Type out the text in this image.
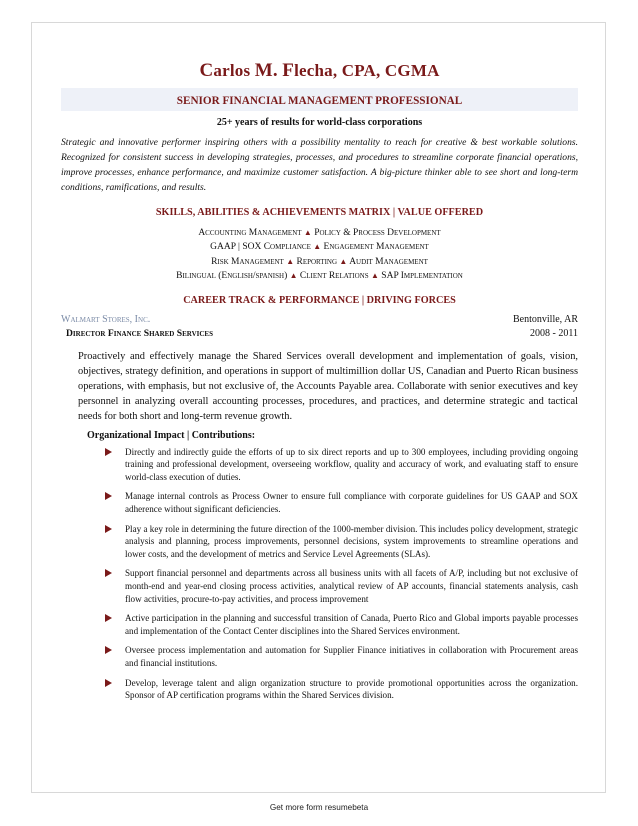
Carlos M. Flecha, CPA, CGMA
SENIOR FINANCIAL MANAGEMENT PROFESSIONAL
25+ years of results for world-class corporations
Strategic and innovative performer inspiring others with a possibility mentality to reach for creative & best workable solutions. Recognized for consistent success in developing strategies, processes, and procedures to streamline corporate financial operations, improve processes, enhance performance, and maximize customer satisfaction. A big-picture thinker able to see short and long-term conditions, ramifications, and results.
SKILLS, ABILITIES & ACHIEVEMENTS MATRIX | VALUE OFFERED
Accounting Management ▲ Policy & Process Development
GAAP | SOX Compliance ▲ Engagement Management
Risk Management ▲ Reporting ▲ Audit Management
Bilingual (English/spanish) ▲ Client Relations ▲ SAP Implementation
CAREER TRACK & PERFORMANCE | DRIVING FORCES
Walmart Stores, Inc.	Bentonville, AR
Director Finance Shared Services	2008 - 2011
Proactively and effectively manage the Shared Services overall development and implementation of goals, vision, objectives, strategy definition, and operations in support of multimillion dollar US, Canadian and Puerto Rican business operations, with emphasis, but not exclusive of, the Accounts Payable area. Collaborate with senior executives and key personnel in analyzing overall accounting processes, procedures, and practices, and determine strategic and tactical needs for both short and long-term revenue growth.
Organizational Impact | Contributions:
Directly and indirectly guide the efforts of up to six direct reports and up to 300 employees, including providing ongoing training and professional development, overseeing workflow, quality and accuracy of work, and evaluating staff to ensure world-class execution of duties.
Manage internal controls as Process Owner to ensure full compliance with corporate guidelines for US GAAP and SOX adherence without significant deficiencies.
Play a key role in determining the future direction of the 1000-member division. This includes policy development, strategic analysis and planning, process improvements, personnel decisions, system improvements to streamline operations and lower costs, and the development of metrics and Service Level Agreements (SLAs).
Support financial personnel and departments across all business units with all facets of A/P, including but not exclusive of month-end and year-end closing process activities, analytical review of AP accounts, financial statements analysis, cash flow activities, procure-to-pay activities, and process improvement
Active participation in the planning and successful transition of Canada, Puerto Rico and Global imports payable processes and implementation of the Contact Center disciplines into the Shared Services environment.
Oversee process implementation and automation for Supplier Finance initiatives in collaboration with Procurement areas and financial institutions.
Develop, leverage talent and align organization structure to provide promotional opportunities across the organization. Sponsor of AP certification programs within the Shared Services division.
Get more form resumebeta
